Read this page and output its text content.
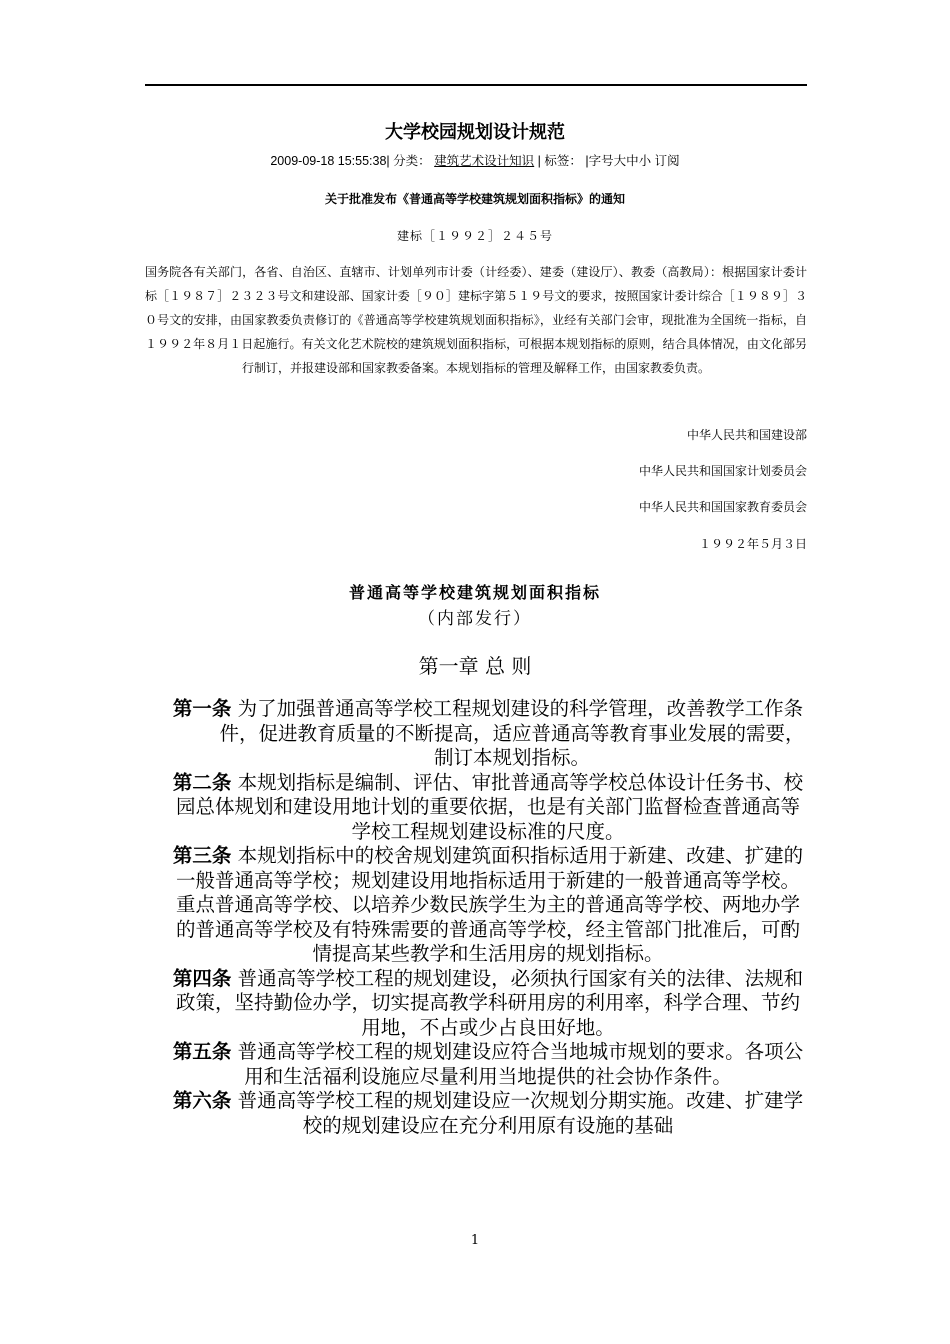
大学校园规划设计规范
2009-09-18 15:55:38| 分类： 建筑艺术设计知识 | 标签： |字号大中小 订阅
关于批准发布《普通高等学校建筑规划面积指标》的通知
建标［１９９２］２４５号
国务院各有关部门，各省、自治区、直辖市、计划单列市计委（计经委）、建委（建设厅）、教委（高教局）：根据国家计委计标［１９８７］２３２３号文和建设部、国家计委［９０］建标字第５１９号文的要求，按照国家计委计综合［１９８９］３０号文的安排，由国家教委负责修订的《普通高等学校建筑规划面积指标》，业经有关部门会审，现批准为全国统一指标，自１９９２年８月１日起施行。有关文化艺术院校的建筑规划面积指标，可根据本规划指标的原则，结合具体情况，由文化部另行制订，并报建设部和国家教委备案。本规划指标的管理及解释工作，由国家教委负责。
中华人民共和国建设部
中华人民共和国国家计划委员会
中华人民共和国国家教育委员会
１９９２年５月３日
普通高等学校建筑规划面积指标
（内部发行）
第一章 总 则

第一条 为了加强普通高等学校工程规划建设的科学管理，改善教学工作条件，促进教育质量的不断提高，适应普通高等教育事业发展的需要，制订本规划指标。

第二条 本规划指标是编制、评估、审批普通高等学校总体设计任务书、校园总体规划和建设用地计划的重要依据，也是有关部门监督检查普通高等学校工程规划建设标准的尺度。

第三条 本规划指标中的校舍规划建筑面积指标适用于新建、改建、扩建的一般普通高等学校；规划建设用地指标适用于新建的一般普通高等学校。重点普通高等学校、以培养少数民族学生为主的普通高等学校、两地办学的普通高等学校及有特殊需要的普通高等学校，经主管部门批准后，可酌情提高某些教学和生活用房的规划指标。

第四条 普通高等学校工程的规划建设，必须执行国家有关的法律、法规和政策，坚持勤俭办学，切实提高教学科研用房的利用率，科学合理、节约用地，不占或少占良田好地。

第五条 普通高等学校工程的规划建设应符合当地城市规划的要求。各项公用和生活福利设施应尽量利用当地提供的社会协作条件。

第六条 普通高等学校工程的规划建设应一次规划分期实施。改建、扩建学校的规划建设应在充分利用原有设施的基础

1
